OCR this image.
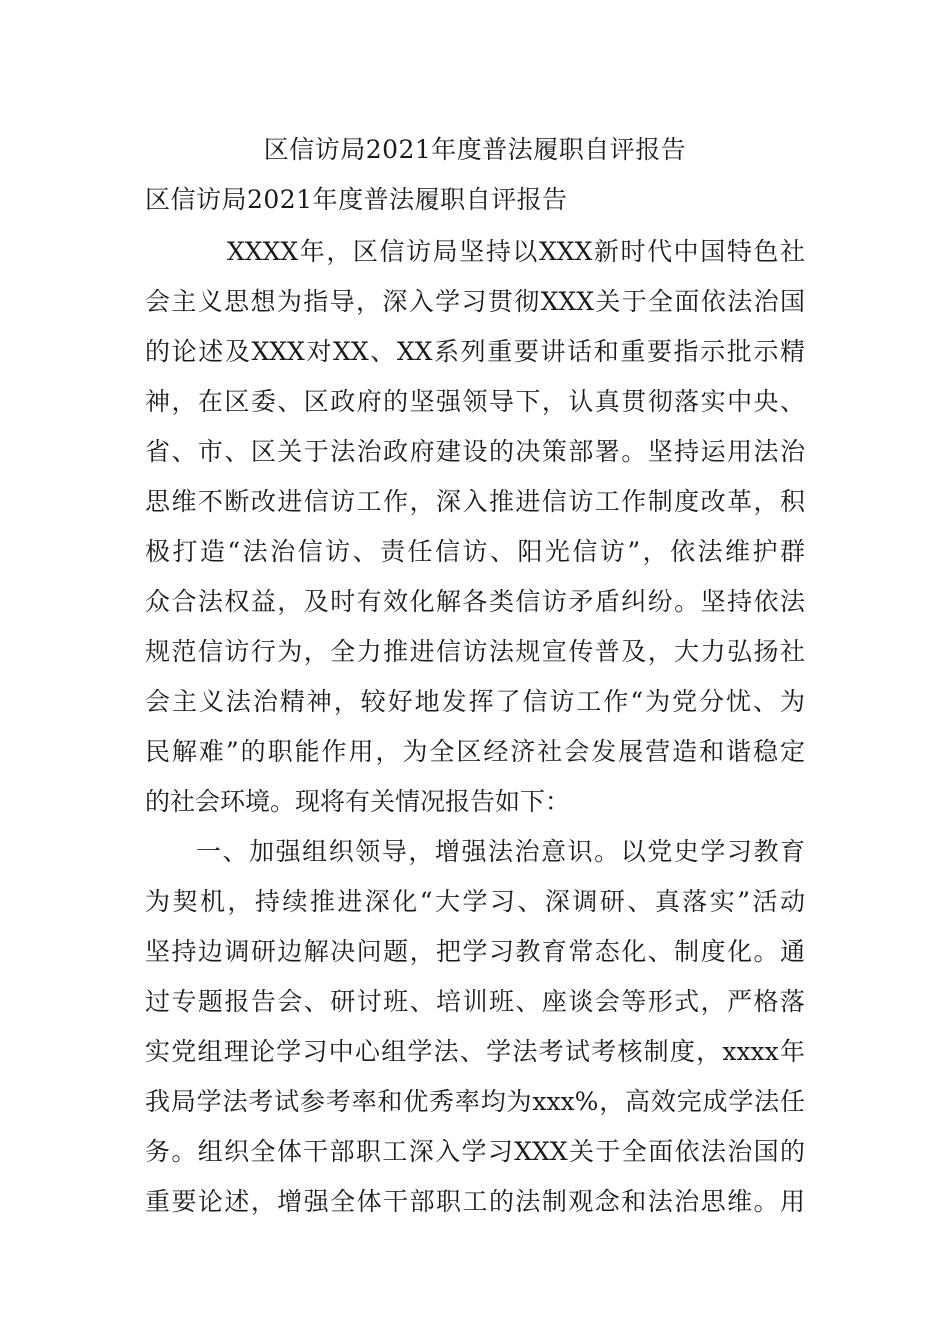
区信访局2021年度普法履职自评报告
区信访局2021年度普法履职自评报告
XXXX年，区信访局坚持以XXX新时代中国特色社
会主义思想为指导，深入学习贯彻XXX关于全面依法治国
的论述及XXX对XX、XX系列重要讲话和重要指示批示精
神，在区委、区政府的坚强领导下，认真贯彻落实中央、
省、市、区关于法治政府建设的决策部署。坚持运用法治
思维不断改进信访工作，深入推进信访工作制度改革，积
极打造“法治信访、责任信访、阳光信访”，依法维护群
众合法权益，及时有效化解各类信访矛盾纠纷。坚持依法
规范信访行为，全力推进信访法规宣传普及，大力弘扬社
会主义法治精神，较好地发挥了信访工作“为党分忧、为
民解难”的职能作用，为全区经济社会发展营造和谐稳定
的社会环境。现将有关情况报告如下：
一、加强组织领导，增强法治意识。以党史学习教育
为契机，持续推进深化“大学习、深调研、真落实”活动
坚持边调研边解决问题，把学习教育常态化、制度化。通
过专题报告会、研讨班、培训班、座谈会等形式，严格落
实党组理论学习中心组学法、学法考试考核制度，xxxx年
我局学法考试参考率和优秀率均为xxx%，高效完成学法任
务。组织全体干部职工深入学习XXX关于全面依法治国的
重要论述，增强全体干部职工的法制观念和法治思维。用
